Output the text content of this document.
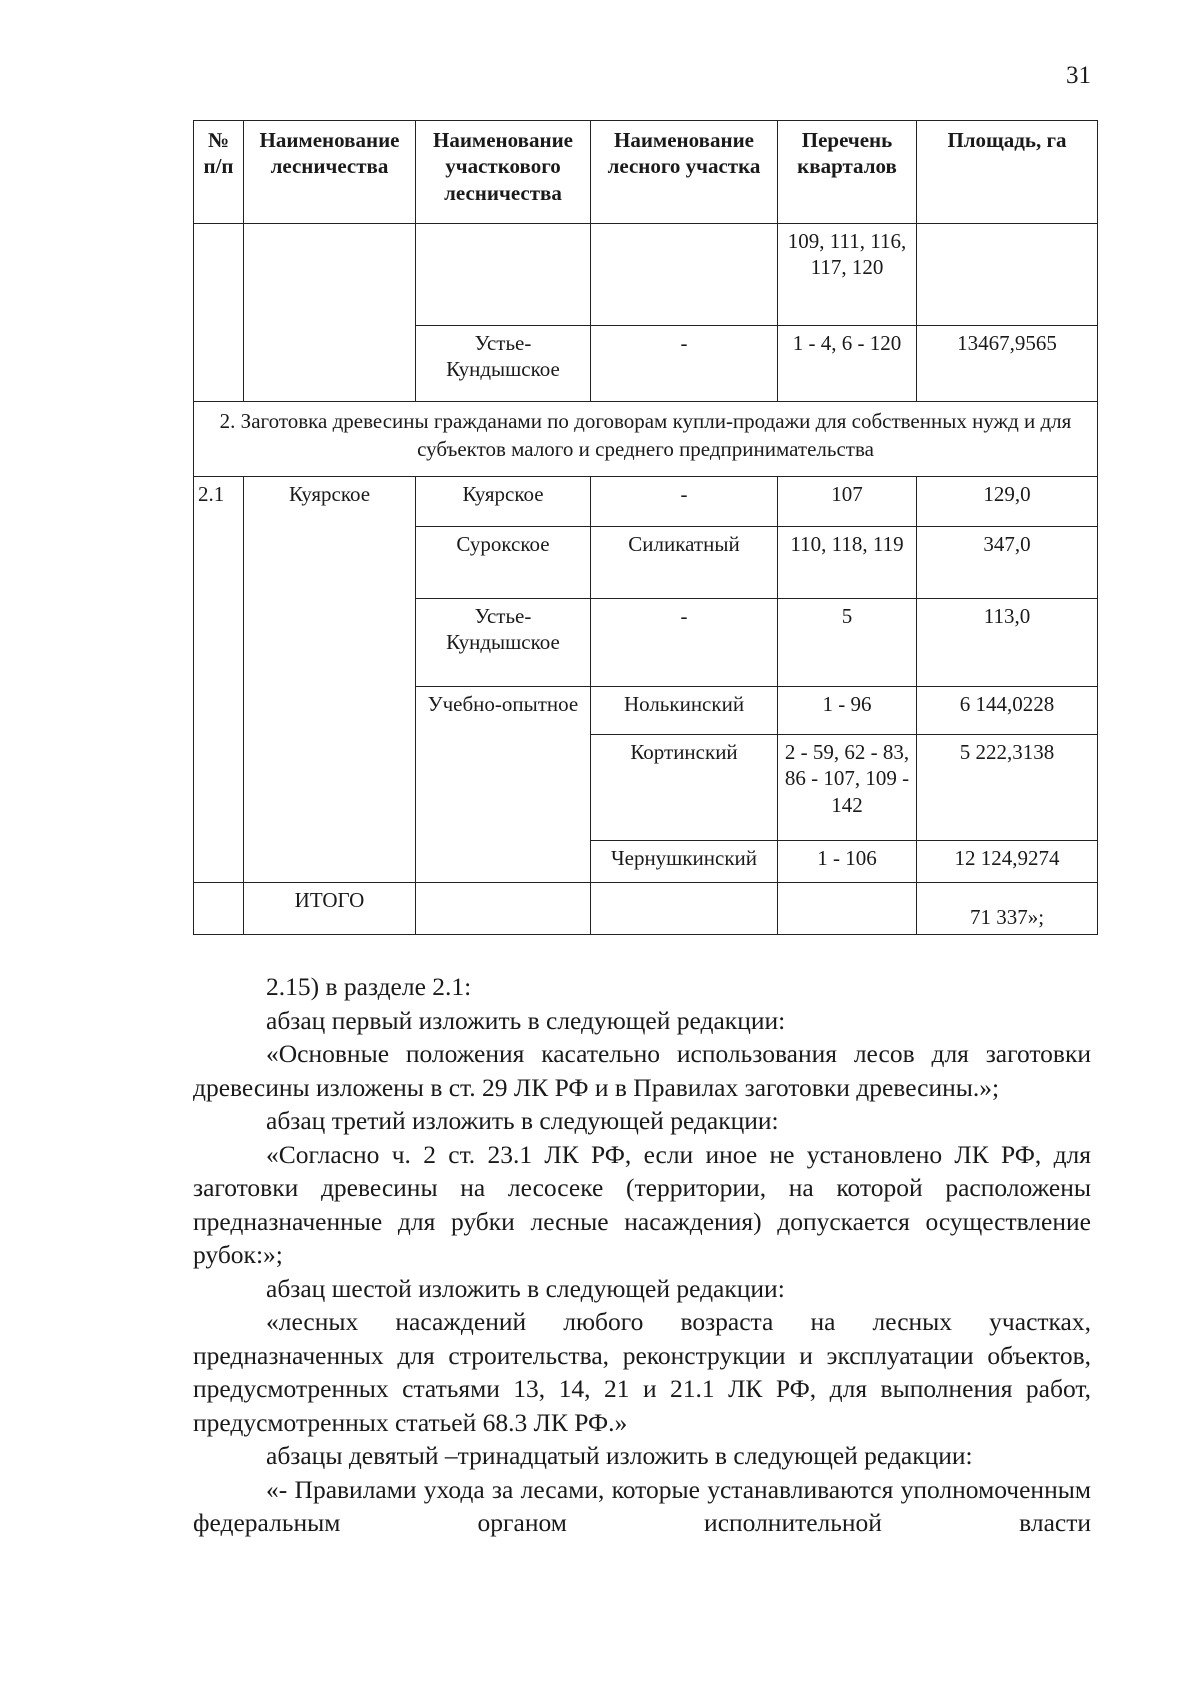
31
№ п/п	Наименование лесничества	Наименование участкового лесничества	Наименование лесного участка	Перечень кварталов	Площадь, га
				109, 111, 116, 117, 120	
		Устье-Кундышское	-	1 - 4, 6 - 120	13467,9565
2. Заготовка древесины гражданами по договорам купли-продажи для собственных нужд и для субъектов малого и среднего предпринимательства					
2.1	Куярское	Куярское	-	107	129,0
		Сурокское	Силикатный	110, 118, 119	347,0
		Устье-Кундышское	-	5	113,0
		Учебно-опытное	Нолькинский	1 - 96	6 144,0228
			Кортинский	2 - 59, 62 - 83, 86 - 107, 109 - 142	5 222,3138
			Чернушкинский	1 - 106	12 124,9274
	ИТОГО				71 337»;

2.15) в разделе 2.1:

абзац первый изложить в следующей редакции:

«Основные положения касательно использования лесов для заготовки древесины изложены в ст. 29 ЛК РФ и в Правилах заготовки древесины.»;

абзац третий изложить в следующей редакции:

«Согласно ч. 2 ст. 23.1 ЛК РФ, если иное не установлено ЛК РФ, для заготовки древесины на лесосеке (территории, на которой расположены предназначенные для рубки лесные насаждения) допускается осуществление рубок:»;

абзац шестой изложить в следующей редакции:

«лесных насаждений любого возраста на лесных участках, предназначенных для строительства, реконструкции и эксплуатации объектов, предусмотренных статьями 13, 14, 21 и 21.1 ЛК РФ, для выполнения работ, предусмотренных статьей 68.3 ЛК РФ.»

абзацы девятый –тринадцатый изложить в следующей редакции:

«- Правилами ухода за лесами, которые устанавливаются уполномоченным федеральным органом исполнительной власти
